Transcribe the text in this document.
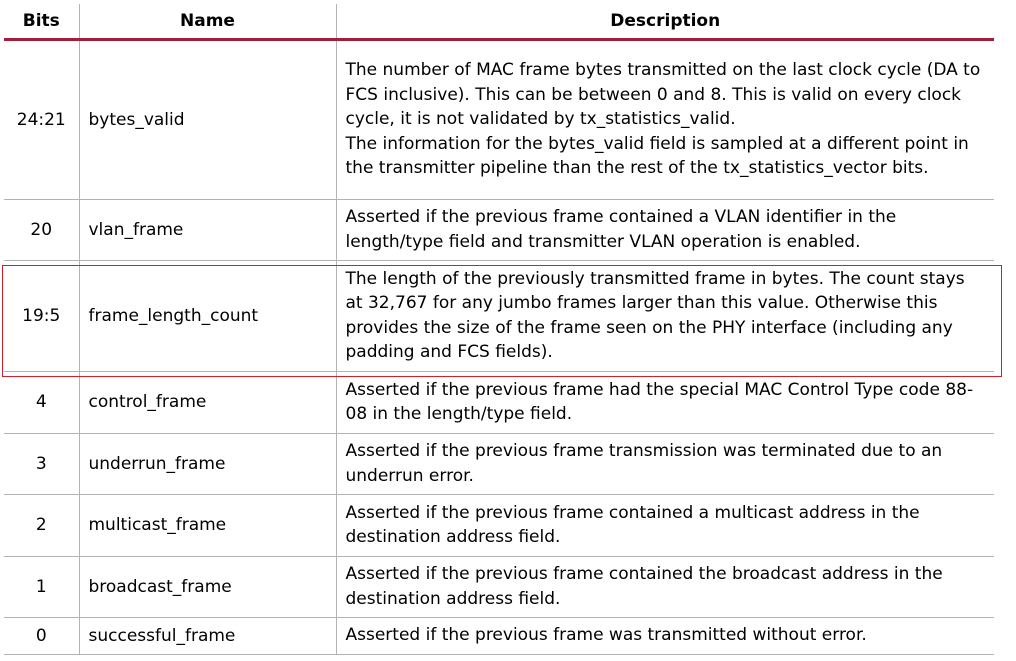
Bits	Name	Description
24:21	bytes_valid	The number of MAC frame bytes transmitted on the last clock cycle (DA to FCS inclusive). This can be between 0 and 8. This is valid on every clock cycle, it is not validated by tx_statistics_valid.
The information for the bytes_valid field is sampled at a different point in the transmitter pipeline than the rest of the tx_statistics_vector bits.

20	vlan_frame	Asserted if the previous frame contained a VLAN identifier in the length/type field and transmitter VLAN operation is enabled.
19:5	frame_length_count	The length of the previously transmitted frame in bytes. The count stays at 32,767 for any jumbo frames larger than this value. Otherwise this provides the size of the frame seen on the PHY interface (including any padding and FCS fields).
4	control_frame	Asserted if the previous frame had the special MAC Control Type code 88-08 in the length/type field.
3	underrun_frame	Asserted if the previous frame transmission was terminated due to an underrun error.
2	multicast_frame	Asserted if the previous frame contained a multicast address in the destination address field.
1	broadcast_frame	Asserted if the previous frame contained the broadcast address in the destination address field.
0	successful_frame	Asserted if the previous frame was transmitted without error.
